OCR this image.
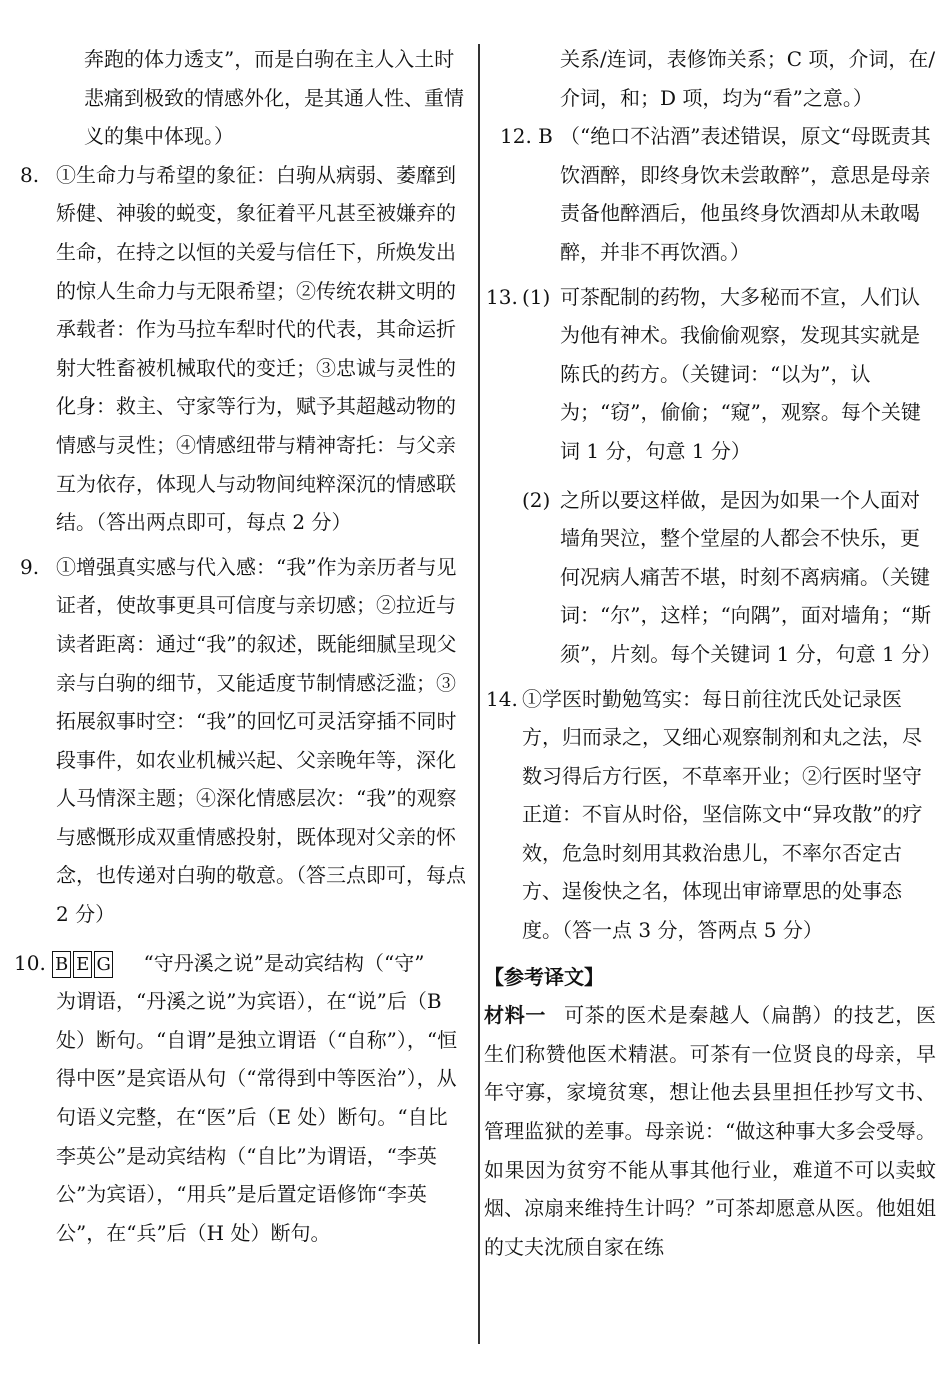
奔跑的体力透支”，而是白驹在主人入土时悲痛到极致的情感外化，是其通人性、重情义的集中体现。）

8. ①生命力与希望的象征：白驹从病弱、萎靡到矫健、神骏的蜕变，象征着平凡甚至被嫌弃的生命，在持之以恒的关爱与信任下，所焕发出的惊人生命力与无限希望；②传统农耕文明的承载者：作为马拉车犁时代的代表，其命运折射大牲畜被机械取代的变迁；③忠诚与灵性的化身：救主、守家等行为，赋予其超越动物的情感与灵性；④情感纽带与精神寄托：与父亲互为依存，体现人与动物间纯粹深沉的情感联结。（答出两点即可，每点 2 分）

9. ①增强真实感与代入感：“我”作为亲历者与见证者，使故事更具可信度与亲切感；②拉近与读者距离：通过“我”的叙述，既能细腻呈现父亲与白驹的细节，又能适度节制情感泛滥；③拓展叙事时空：“我”的回忆可灵活穿插不同时段事件，如农业机械兴起、父亲晚年等，深化人马情深主题；④深化情感层次：“我”的观察与感慨形成双重情感投射，既体现对父亲的怀念，也传递对白驹的敬意。（答三点即可，每点 2 分）

10. B E G “守丹溪之说”是动宾结构（“守”

为谓语，“丹溪之说”为宾语），在“说”后（B处）断句。“自谓”是独立谓语（“自称”），“恒得中医”是宾语从句（“常得到中等医治”），从句语义完整，在“医”后（E 处）断句。“自比李英公”是动宾结构（“自比”为谓语，“李英公”为宾语），“用兵”是后置定语修饰“李英公”，在“兵”后（H 处）断句。

关系/连词，表修饰关系；C 项，介词，在/介词，和；D 项，均为“看”之意。）

12. B （“绝口不沾酒”表述错误，原文“母既责其饮酒醉，即终身饮未尝敢醉”，意思是母亲责备他醉酒后，他虽终身饮酒却从未敢喝醉，并非不再饮酒。）

13. (1) 可茶配制的药物，大多秘而不宣，人们认为他有神术。我偷偷观察，发现其实就是陈氏的药方。（关键词：“以为”，认为；“窃”，偷偷；“窥”，观察。每个关键词 1 分，句意 1 分）

(2) 之所以要这样做，是因为如果一个人面对墙角哭泣，整个堂屋的人都会不快乐，更何况病人痛苦不堪，时刻不离病痛。（关键词：“尔”，这样；“向隅”，面对墙角；“斯须”，片刻。每个关键词 1 分，句意 1 分）

14. ①学医时勤勉笃实：每日前往沈氏处记录医方，归而录之，又细心观察制剂和丸之法，尽数习得后方行医，不草率开业；②行医时坚守正道：不盲从时俗，坚信陈文中“异攻散”的疗效，危急时刻用其救治患儿，不率尔否定古方、逞俊快之名，体现出审谛覃思的处事态度。（答一点 3 分，答两点 5 分）

【参考译文】

材料一 可茶的医术是秦越人（扁鹊）的技艺，医生们称赞他医术精湛。可茶有一位贤良的母亲，早年守寡，家境贫寒，想让他去县里担任抄写文书、管理监狱的差事。母亲说：“做这种事大多会受辱。如果因为贫穷不能从事其他行业，难道不可以卖蚊烟、凉扇来维持生计吗？”可茶却愿意从医。他姐姐的丈夫沈颀自家在练
